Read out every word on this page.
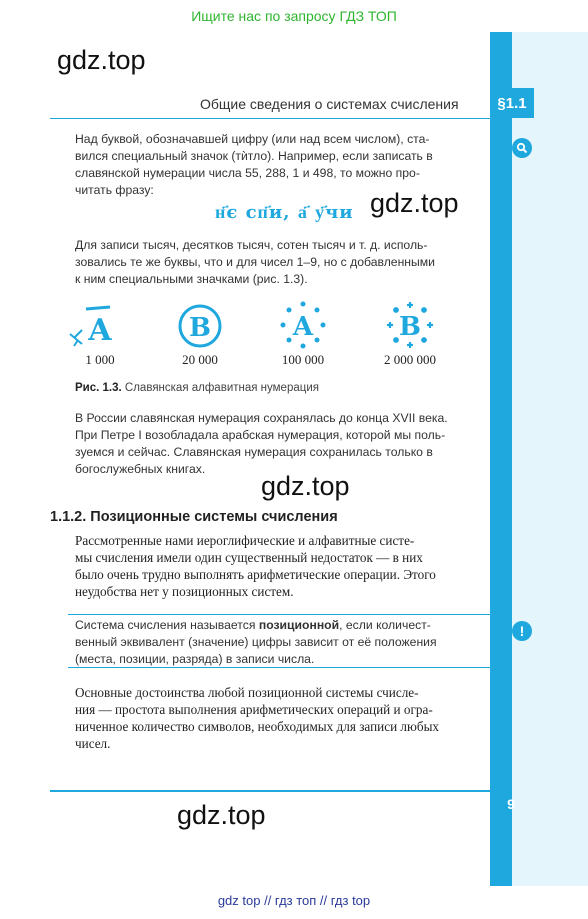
Ищите нас по запросу ГДЗ ТОП
§1.1
gdz.top
Общие сведения о системах счисления
Над буквой, обозначавшей цифру (или над всем числом), ста-
вился специальный значок (тѝтло). Например, если записать в
славянской нумерации числа 55, 288, 1 и 498, то можно про-
читать фразу:
н҃є сп҃и, а҃ у҃чи gdz.top
Для записи тысяч, десятков тысяч, сотен тысяч и т. д. исполь-
зовались те же буквы, что и для чисел 1–9, но с добавленными
к ним специальными значками (рис. 1.3).
А
1 000
В
20 000
А
100 000
В
2 000 000
Рис. 1.3. Славянская алфавитная нумерация
В России славянская нумерация сохранялась до конца XVII века.
При Петре I возобладала арабская нумерация, которой мы поль-
зуемся и сейчас. Славянская нумерация сохранилась только в
богослужебных книгах.
gdz.top
1.1.2. Позиционные системы счисления
Рассмотренные нами иероглифические и алфавитные систе-
мы счисления имели один существенный недостаток — в них
было очень трудно выполнять арифметические операции. Этого
неудобства нет у позиционных систем.
Система счисления называется позиционной, если количест-
венный эквивалент (значение) цифры зависит от её положения
(места, позиции, разряда) в записи числа.
!
Основные достоинства любой позиционной системы счисле-
ния — простота выполнения арифметических операций и огра-
ниченное количество символов, необходимых для записи любых
чисел.
9
gdz.top
gdz top // гдз топ // гдз top
